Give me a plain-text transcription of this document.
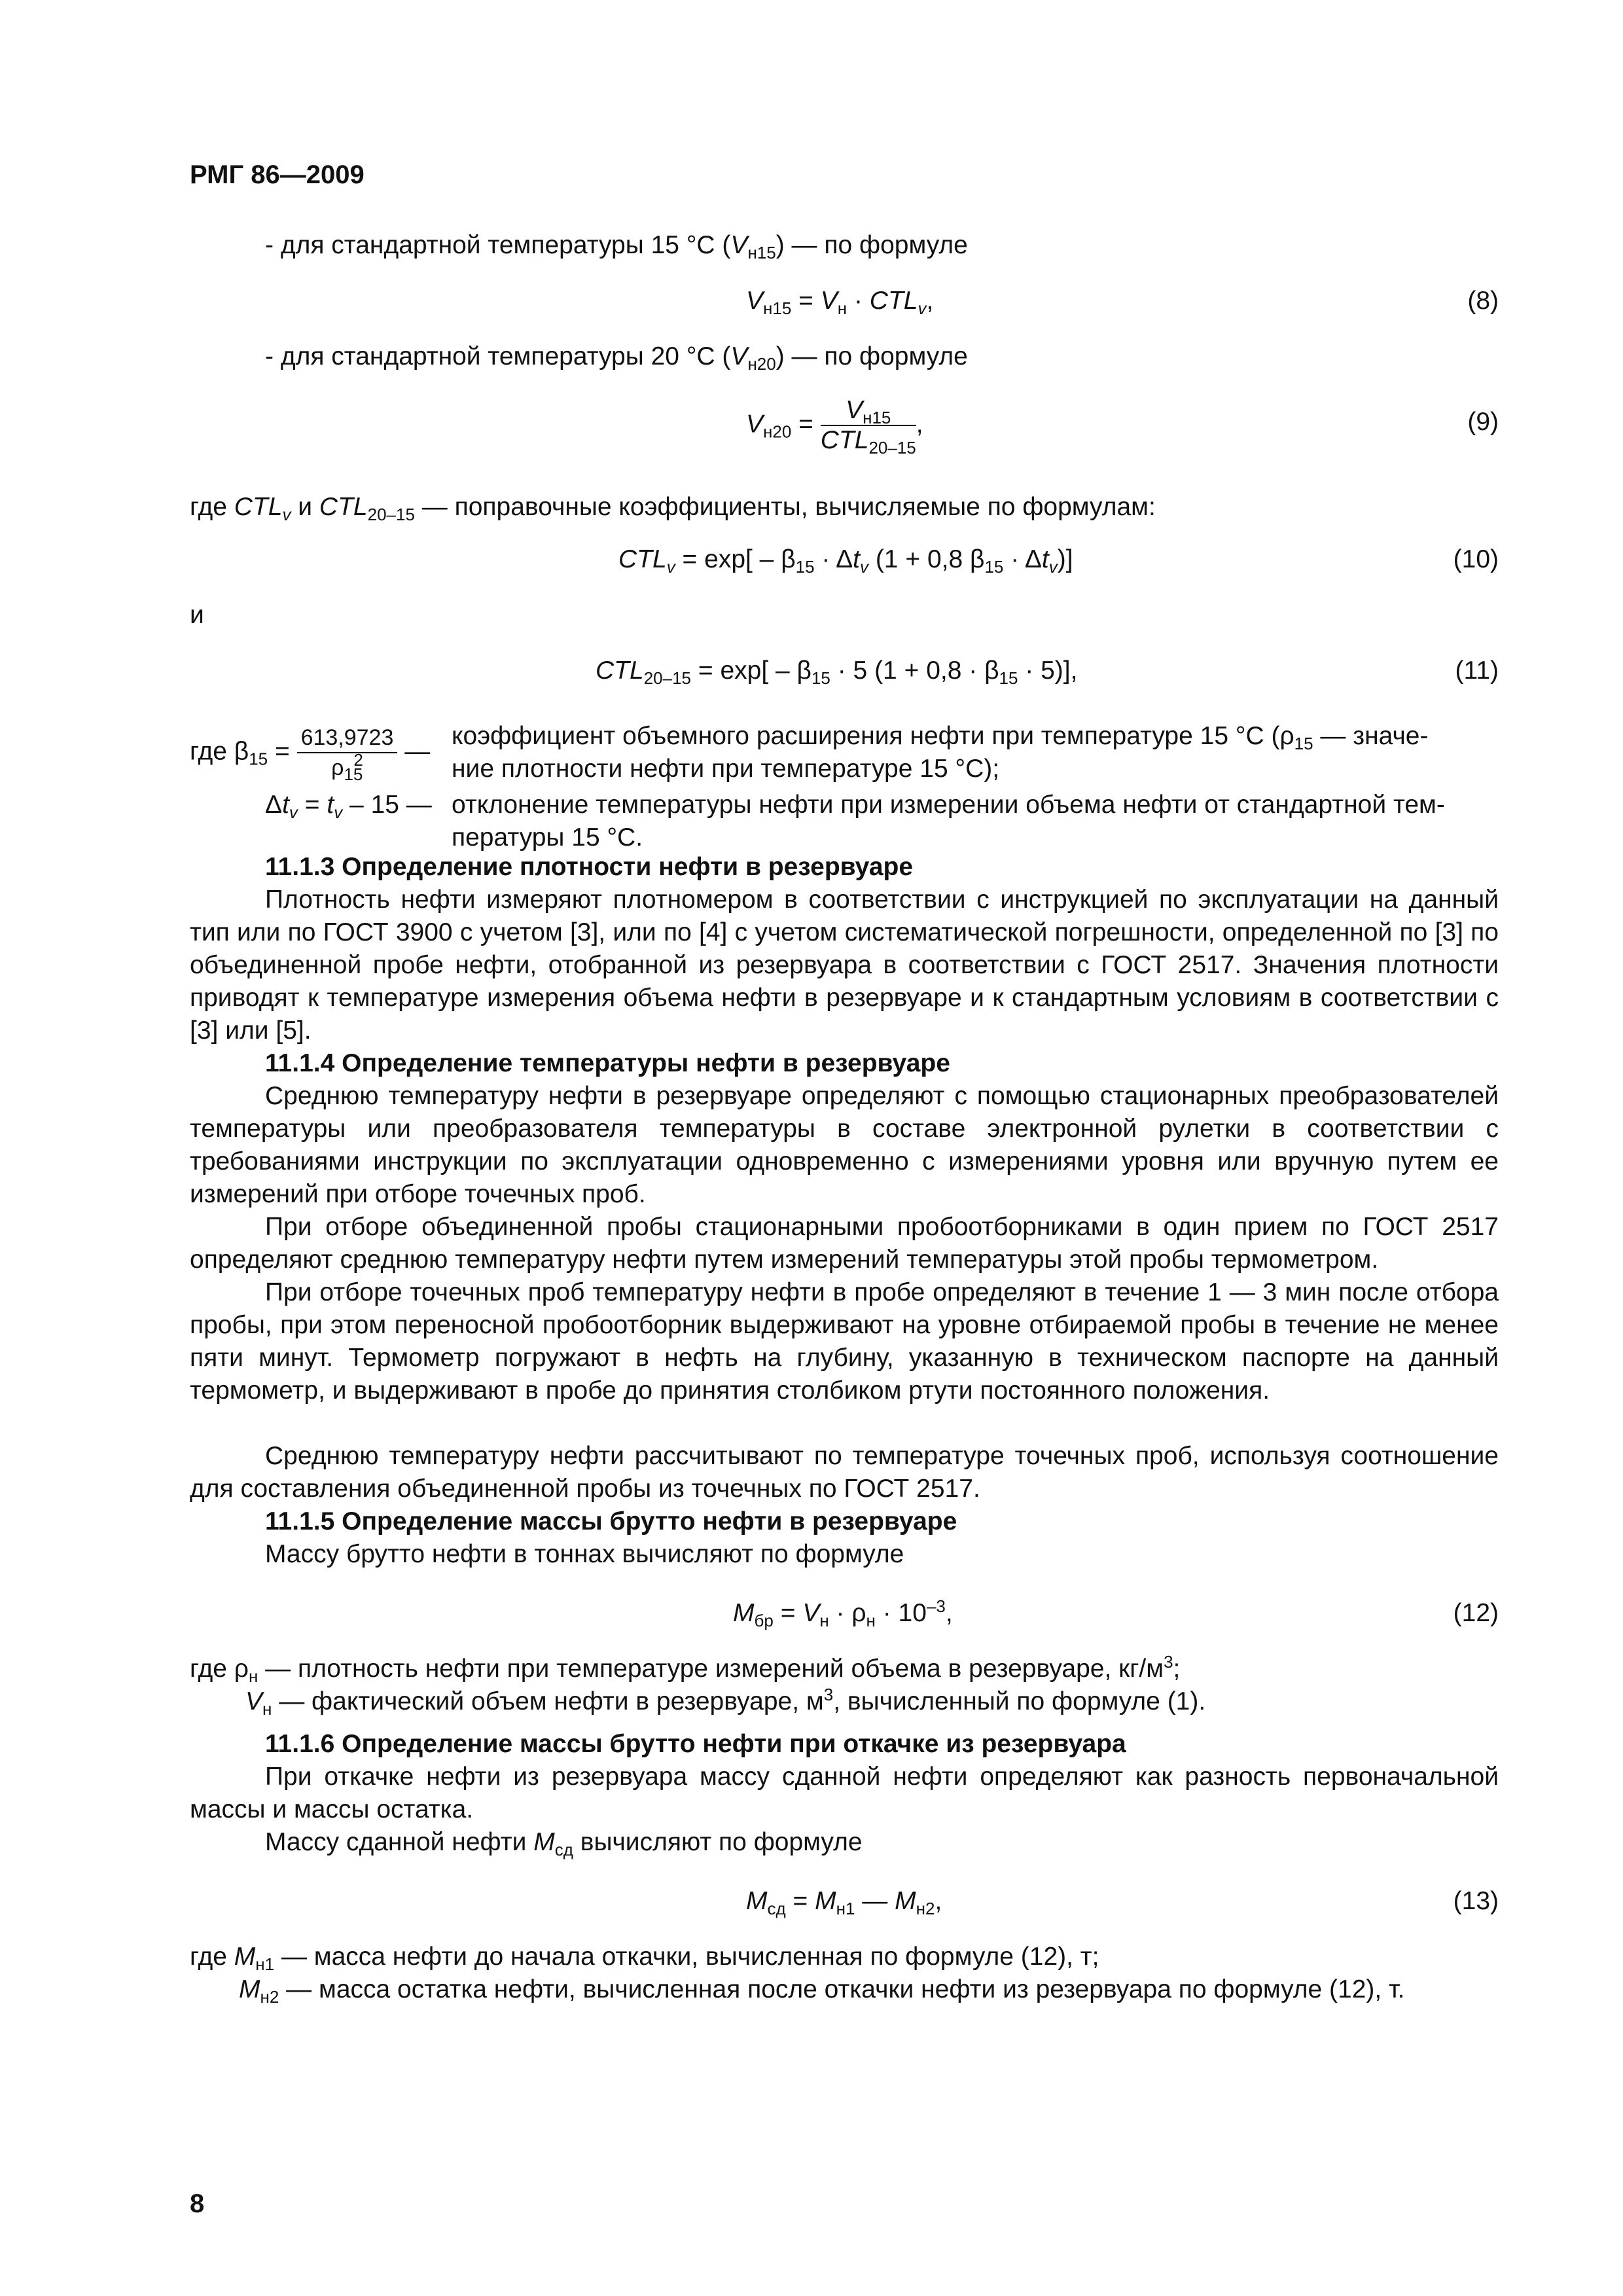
РМГ 86—2009
- для стандартной температуры 15 °С $(V_{н15})$ — по формуле
$V_{н15} = V_н \cdot CTL_v$,	(8)
- для стандартной температуры 20 °С $(V_{н20})$ — по формуле
$V_{н20} = \frac{V_{н15}}{CTL_{20-15}}$ ,	(9)
где $CTL_v$ и $CTL_{20-15}$ — поправочные коэффициенты, вычисляемые по формулам:
$CTL_v = \exp[ - \beta_{15} \cdot \Delta t_v$ (1 + 0,8 $\beta_{15} \cdot \Delta t_v$)]	(10)
и
$CTL_{20-15} = \exp[ - \beta_{15} \cdot 5$ $(1 + 0,8 \cdot \beta_{15} \cdot 5)$],	(11)
где $\beta_{15} = \frac{613,9723}{\rho_{15}^2}$ —
коэффициент объемного расширения нефти при температуре 15 °С ($\rho_{15}$ — значе-
ние плотности нефти при температуре 15 °С);
$\Delta t_v = t_v - 15$ — отклонение температуры нефти при измерении объема нефти от стандартной тем-
пературы 15 °С.
11.1.3 Определение плотности нефти в резервуаре
Плотность нефти измеряют плотномером в соответствии с инструкцией по эксплуатации на данный тип или по ГОСТ 3900 с учетом [3], или по [4] с учетом систематической погрешности, определенной по [3] по объединенной пробе нефти, отобранной из резервуара в соответствии с ГОСТ 2517. Значения плотности приводят к температуре измерения объема нефти в резервуаре и к стандартным условиям в соответствии с [3] или [5].
11.1.4 Определение температуры нефти в резервуаре
Среднюю температуру нефти в резервуаре определяют с помощью стационарных преобразователей температуры или преобразователя температуры в составе электронной рулетки в соответствии с требованиями инструкции по эксплуатации одновременно с измерениями уровня или вручную путем ее измерений при отборе точечных проб.
При отборе объединенной пробы стационарными пробоотборниками в один прием по ГОСТ 2517 определяют среднюю температуру нефти путем измерений температуры этой пробы термометром.
При отборе точечных проб температуру нефти в пробе определяют в течение 1 — 3 мин после отбора пробы, при этом переносной пробоотборник выдерживают на уровне отбираемой пробы в течение не менее пяти минут. Термометр погружают в нефть на глубину, указанную в техническом паспорте на данный термометр, и выдерживают в пробе до принятия столбиком ртути постоянного положения.
Среднюю температуру нефти рассчитывают по температуре точечных проб, используя соотношение для составления объединенной пробы из точечных по ГОСТ 2517.
11.1.5 Определение массы брутто нефти в резервуаре
Массу брутто нефти в тоннах вычисляют по формуле
$M_{бр} = V_н \cdot \rho_н \cdot 10^{-3}$,	(12)
где $\rho_н$ — плотность нефти при температуре измерений объема в резервуаре, $кг/м^3$;
$V_н$ — фактический объем нефти в резервуаре, $м^3$, вычисленный по формуле (1).
11.1.6 Определение массы брутто нефти при откачке из резервуара
При откачке нефти из резервуара массу сданной нефти определяют как разность первоначальной массы и массы остатка.
Массу сданной нефти $M_{сд}$ вычисляют по формуле
$M_{сд} = M_{н1}$ — $M_{н2}$,	(13)
где $M_{н1}$ — масса нефти до начала откачки, вычисленная по формуле (12), т;
$M_{н2}$ — масса остатка нефти, вычисленная после откачки нефти из резервуара по формуле (12), т.
8
